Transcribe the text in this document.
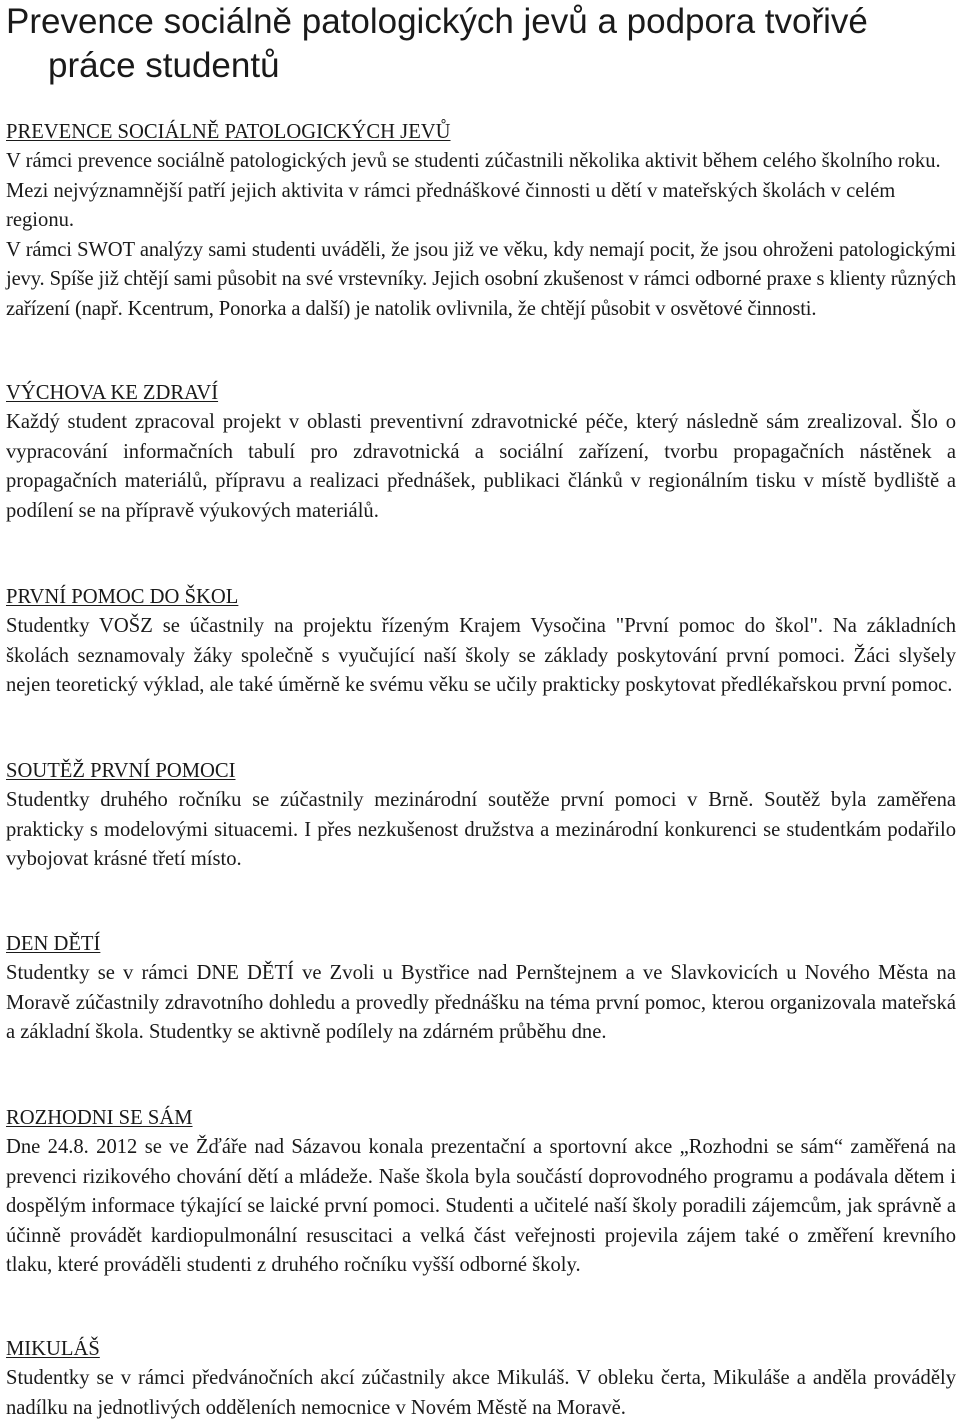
Prevence sociálně patologických jevů a podpora tvořivé
práce studentů
PREVENCE SOCIÁLNĚ PATOLOGICKÝCH JEVŮ

V rámci prevence sociálně patologických jevů se studenti zúčastnili několika aktivit během celého školního roku. Mezi nejvýznamnější patří jejich aktivita v rámci přednáškové činnosti u dětí v mateřských školách v celém regionu.

V rámci SWOT analýzy sami studenti uváděli, že jsou již ve věku, kdy nemají pocit, že jsou ohroženi patologickými jevy. Spíše již chtějí sami působit na své vrstevníky. Jejich osobní zkušenost v rámci odborné praxe s klienty různých zařízení (např. Kcentrum, Ponorka a další) je natolik ovlivnila, že chtějí působit v osvětové činnosti.

VÝCHOVA KE ZDRAVÍ

Každý student zpracoval projekt v oblasti preventivní zdravotnické péče, který následně sám zrealizoval. Šlo o vypracování informačních tabulí pro zdravotnická a sociální zařízení, tvorbu propagačních nástěnek a propagačních materiálů, přípravu a realizaci přednášek, publikaci článků v regionálním tisku v místě bydliště a podílení se na přípravě výukových materiálů.

PRVNÍ POMOC DO ŠKOL

Studentky VOŠZ se účastnily na projektu řízeným Krajem Vysočina "První pomoc do škol". Na základních školách seznamovaly žáky společně s vyučující naší školy se základy poskytování první pomoci. Žáci slyšely nejen teoretický výklad, ale také úměrně ke svému věku se učily prakticky poskytovat předlékařskou první pomoc.

SOUTĚŽ PRVNÍ POMOCI

Studentky druhého ročníku se zúčastnily mezinárodní soutěže první pomoci v Brně. Soutěž byla zaměřena prakticky s modelovými situacemi. I přes nezkušenost družstva a mezinárodní konkurenci se studentkám podařilo vybojovat krásné třetí místo.

DEN DĚTÍ

Studentky se v rámci DNE DĚTÍ ve Zvoli u Bystřice nad Pernštejnem a ve Slavkovicích u Nového Města na Moravě zúčastnily zdravotního dohledu a provedly přednášku na téma první pomoc, kterou organizovala mateřská a základní škola. Studentky se aktivně podílely na zdárném průběhu dne.

ROZHODNI SE SÁM

Dne 24.8. 2012 se ve Žďáře nad Sázavou konala prezentační a sportovní akce „Rozhodni se sám“ zaměřená na prevenci rizikového chování dětí a mládeže. Naše škola byla součástí doprovodného programu a podávala dětem i dospělým informace týkající se laické první pomoci. Studenti a učitelé naší školy poradili zájemcům, jak správně a účinně provádět kardiopulmonální resuscitaci a velká část veřejnosti projevila zájem také o změření krevního tlaku, které prováděli studenti z druhého ročníku vyšší odborné školy.

MIKULÁŠ

Studentky se v rámci předvánočních akcí zúčastnily akce Mikuláš. V obleku čerta, Mikuláše a anděla prováděly nadílku na jednotlivých odděleních nemocnice v Novém Městě na Moravě.
